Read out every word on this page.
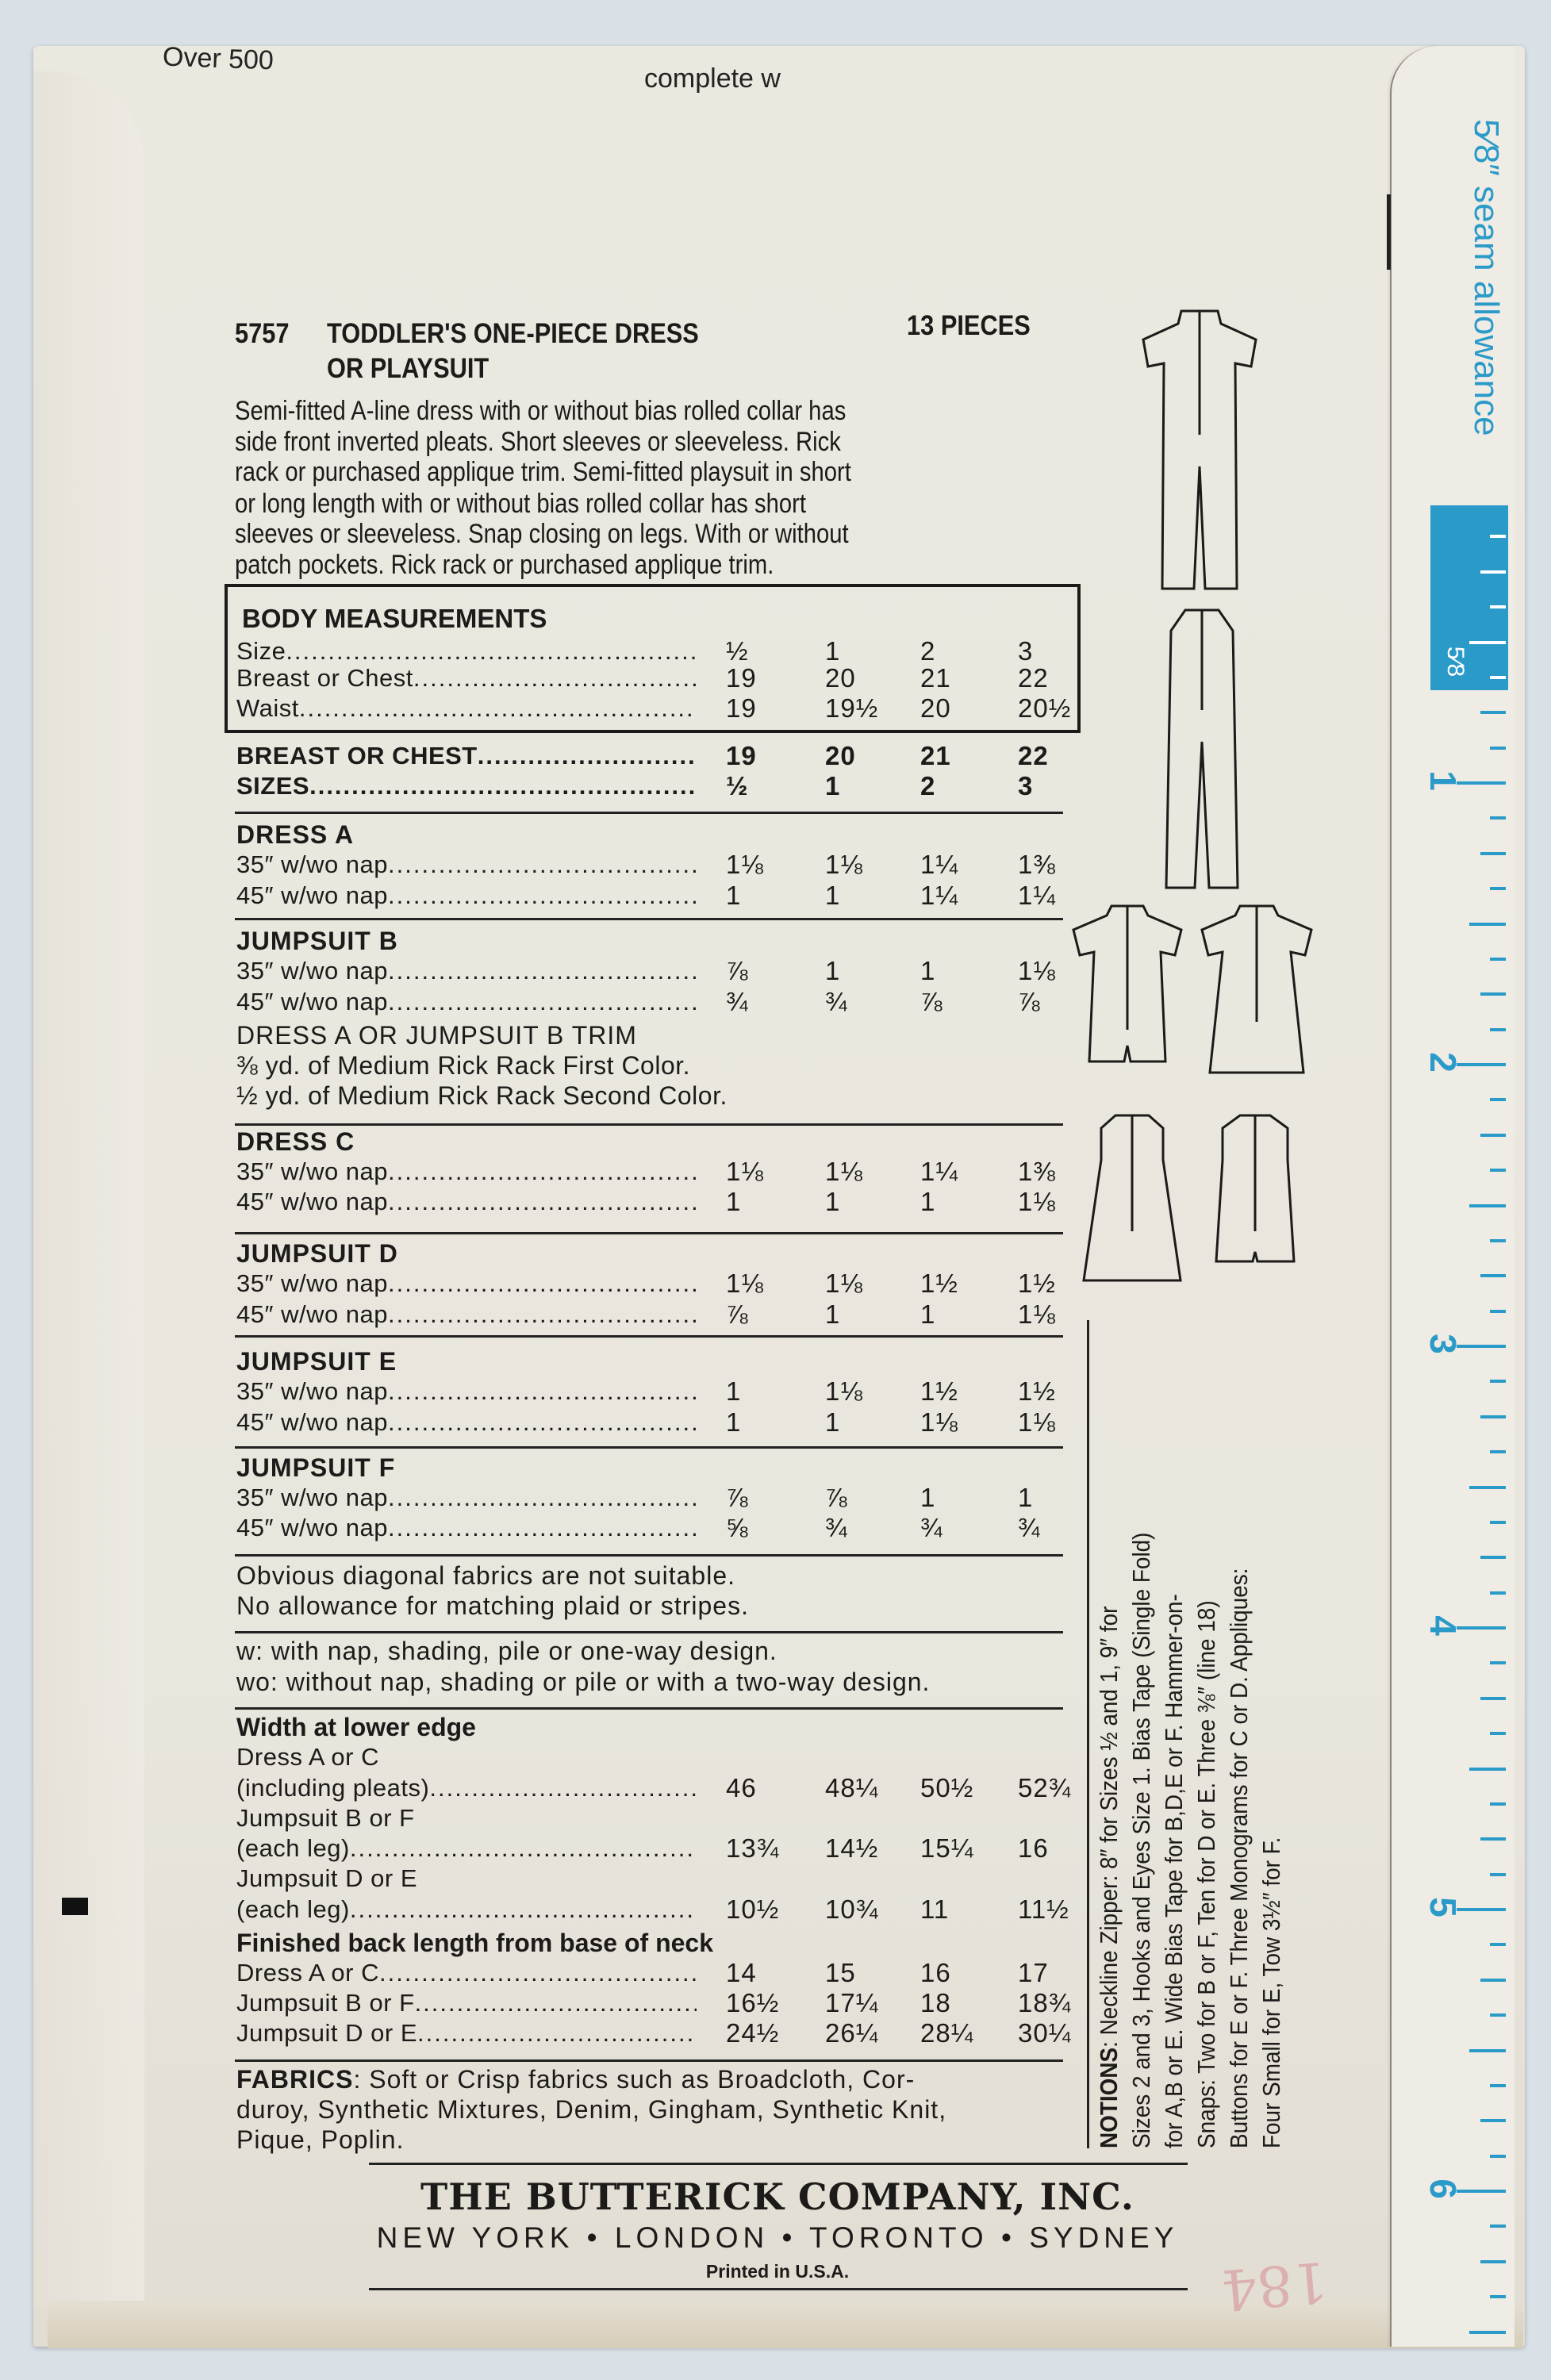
Over 500
complete w
5757 TODDLER'S ONE-PIECE DRESS
OR PLAYSUIT
13 PIECES
Semi-fitted A-line dress with or without bias rolled collar has
side front inverted pleats. Short sleeves or sleeveless. Rick
rack or purchased applique trim. Semi-fitted playsuit in short
or long length with or without bias rolled collar has short
sleeves or sleeveless. Snap closing on legs. With or without
patch pockets. Rick rack or purchased applique trim.
BODY MEASUREMENTS
Size .....	½	1	2	3
Breast or Chest .....	19	20	21	22
Waist .....	19	19½	20	20½
BREAST OR CHEST .....	19	20	21	22
SIZES .....	½	1	2	3
DRESS A
35″ w/wo nap .....	1⅛	1⅛	1¼	1⅜
45″ w/wo nap .....	1	1	1¼	1¼
JUMPSUIT B
35″ w/wo nap .....	⅞	1	1	1⅛
45″ w/wo nap .....	¾	¾	⅞	⅞
DRESS C
35″ w/wo nap .....	1⅛	1⅛	1¼	1⅜
45″ w/wo nap .....	1	1	1	1⅛
JUMPSUIT D
35″ w/wo nap .....	1⅛	1⅛	1½	1½
45″ w/wo nap .....	⅞	1	1	1⅛
JUMPSUIT E
35″ w/wo nap .....	1	1⅛	1½	1½
45″ w/wo nap .....	1	1	1⅛	1⅛
JUMPSUIT F
35″ w/wo nap .....	⅞	⅞	1	1
45″ w/wo nap .....	⅝	¾	¾	¾
DRESS A OR JUMPSUIT B TRIM
⅜ yd. of Medium Rick Rack First Color.
½ yd. of Medium Rick Rack Second Color.
Obvious diagonal fabrics are not suitable.
No allowance for matching plaid or stripes.
w: with nap, shading, pile or one-way design.
wo: without nap, shading or pile or with a two-way design.
Width at lower edge
Dress A or C
(including pleats) .....	46	48¼	50½	52¾
Jumpsuit B or F
(each leg) .....	13¾	14½	15¼	16
Jumpsuit D or E
(each leg) .....	10½	10¾	11	11½
Finished back length from base of neck
Dress A or C .....	14	15	16	17
Jumpsuit B or F .....	16½	17¼	18	18¾
Jumpsuit D or E .....	24½	26¼	28¼	30¼
FABRICS: Soft or Crisp fabrics such as Broadcloth, Cor-
duroy, Synthetic Mixtures, Denim, Gingham, Synthetic Knit,
Pique, Poplin.
THE BUTTERICK COMPANY, INC.
NEW YORK • LONDON • TORONTO • SYDNEY
Printed in U.S.A.
NOTIONS: Neckline Zipper: 8″ for Sizes ½ and 1, 9″ for Sizes 2 and 3, Hooks and Eyes Size 1. Bias Tape (Single Fold) for A,B or E. Wide Bias Tape for B,D,E or F. Hammer-on- Snaps: Two for B or F, Ten for D or E. Three ⅜″ (line 18) Buttons for E or F. Three Monograms for C or D. Appliques: Four Small for E, Tow 3½″ for F.
5⁄8″ seam allowance
5⁄8
1
2
3
4
5
6
184
